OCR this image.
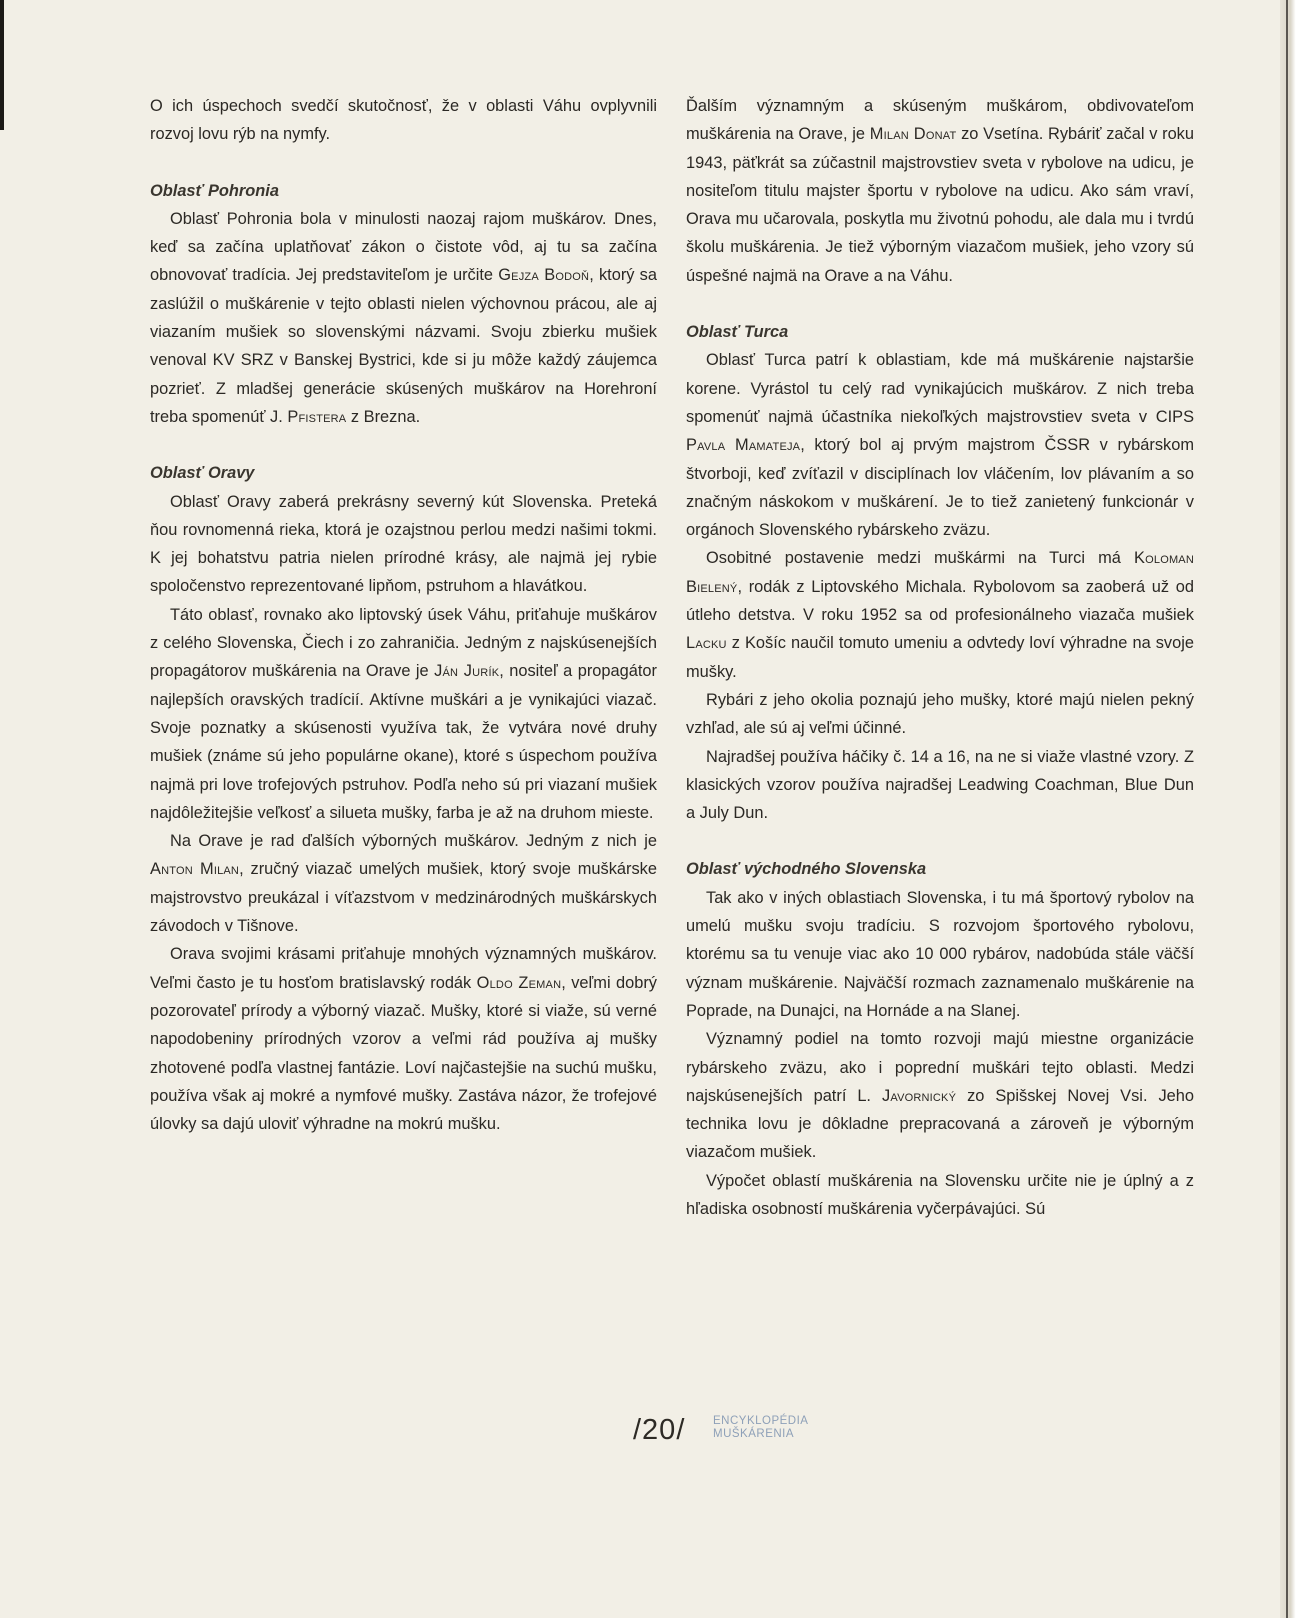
O ich úspechoch svedčí skutočnosť, že v oblasti Váhu ovplyvnili rozvoj lovu rýb na nymfy.

Oblasť Pohronia

Oblasť Pohronia bola v minulosti naozaj rajom muškárov. Dnes, keď sa začína uplatňovať zákon o čistote vôd, aj tu sa začína obnovovať tradícia. Jej predstaviteľom je určite Gejza Bodoň, ktorý sa zaslúžil o muškárenie v tejto oblasti nielen výchovnou prácou, ale aj viazaním mušiek so slovenskými názvami. Svoju zbierku mušiek venoval KV SRZ v Banskej Bystrici, kde si ju môže každý záujemca pozrieť. Z mladšej generácie skúsených muškárov na Horehroní treba spomenúť J. Pfistera z Brezna.

Oblasť Oravy

Oblasť Oravy zaberá prekrásny severný kút Slovenska. Preteká ňou rovnomenná rieka, ktorá je ozajstnou perlou medzi našimi tokmi. K jej bohatstvu patria nielen prírodné krásy, ale najmä jej rybie spoločenstvo reprezentované lipňom, pstruhom a hlavátkou.

Táto oblasť, rovnako ako liptovský úsek Váhu, priťahuje muškárov z celého Slovenska, Čiech i zo zahraničia. Jedným z najskúsenejších propagátorov muškárenia na Orave je Ján Jurík, nositeľ a propagátor najlepších oravských tradícií. Aktívne muškári a je vynikajúci viazač. Svoje poznatky a skúsenosti využíva tak, že vytvára nové druhy mušiek (známe sú jeho populárne okane), ktoré s úspechom používa najmä pri love trofejových pstruhov. Podľa neho sú pri viazaní mušiek najdôležitejšie veľkosť a silueta mušky, farba je až na druhom mieste.

Na Orave je rad ďalších výborných muškárov. Jedným z nich je Anton Milan, zručný viazač umelých mušiek, ktorý svoje muškárske majstrovstvo preukázal i víťazstvom v medzinárodných muškárskych závodoch v Tišnove.

Orava svojimi krásami priťahuje mnohých významných muškárov. Veľmi často je tu hosťom bratislavský rodák Oldo Zeman, veľmi dobrý pozorovateľ prírody a výborný viazač. Mušky, ktoré si viaže, sú verné napodobeniny prírodných vzorov a veľmi rád používa aj mušky zhotovené podľa vlastnej fantázie. Loví najčastejšie na suchú mušku, používa však aj mokré a nymfové mušky. Zastáva názor, že trofejové úlovky sa dajú uloviť výhradne na mokrú mušku.

Ďalším významným a skúseným muškárom, obdivovateľom muškárenia na Orave, je Milan Donat zo Vsetína. Rybáriť začal v roku 1943, päťkrát sa zúčastnil majstrovstiev sveta v rybolove na udicu, je nositeľom titulu majster športu v rybolove na udicu. Ako sám vraví, Orava mu učarovala, poskytla mu životnú pohodu, ale dala mu i tvrdú školu muškárenia. Je tiež výborným viazačom mušiek, jeho vzory sú úspešné najmä na Orave a na Váhu.

Oblasť Turca

Oblasť Turca patrí k oblastiam, kde má muškárenie najstaršie korene. Vyrástol tu celý rad vynikajúcich muškárov. Z nich treba spomenúť najmä účastníka niekoľkých majstrovstiev sveta v CIPS Pavla Mamateja, ktorý bol aj prvým majstrom ČSSR v rybárskom štvorboji, keď zvíťazil v disciplínach lov vláčením, lov plávaním a so značným náskokom v muškárení. Je to tiež zanietený funkcionár v orgánoch Slovenského rybárskeho zväzu.

Osobitné postavenie medzi muškármi na Turci má Koloman Bielený, rodák z Liptovského Michala. Rybolovom sa zaoberá už od útleho detstva. V roku 1952 sa od profesionálneho viazača mušiek Lacku z Košíc naučil tomuto umeniu a odvtedy loví výhradne na svoje mušky.

Rybári z jeho okolia poznajú jeho mušky, ktoré majú nielen pekný vzhľad, ale sú aj veľmi účinné.

Najradšej používa háčiky č. 14 a 16, na ne si viaže vlastné vzory. Z klasických vzorov používa najradšej Leadwing Coachman, Blue Dun a July Dun.

Oblasť východného Slovenska

Tak ako v iných oblastiach Slovenska, i tu má športový rybolov na umelú mušku svoju tradíciu. S rozvojom športového rybolovu, ktorému sa tu venuje viac ako 10 000 rybárov, nadobúda stále väčší význam muškárenie. Najväčší rozmach zaznamenalo muškárenie na Poprade, na Dunajci, na Hornáde a na Slanej.

Významný podiel na tomto rozvoji majú miestne organizácie rybárskeho zväzu, ako i poprední muškári tejto oblasti. Medzi najskúsenejších patrí L. Javornický zo Spišskej Novej Vsi. Jeho technika lovu je dôkladne prepracovaná a zároveň je výborným viazačom mušiek.

Výpočet oblastí muškárenia na Slovensku určite nie je úplný a z hľadiska osobností muškárenia vyčerpávajúci. Sú

/20/ ENCYKLOPÉDIA
MUŠKÁRENIA
